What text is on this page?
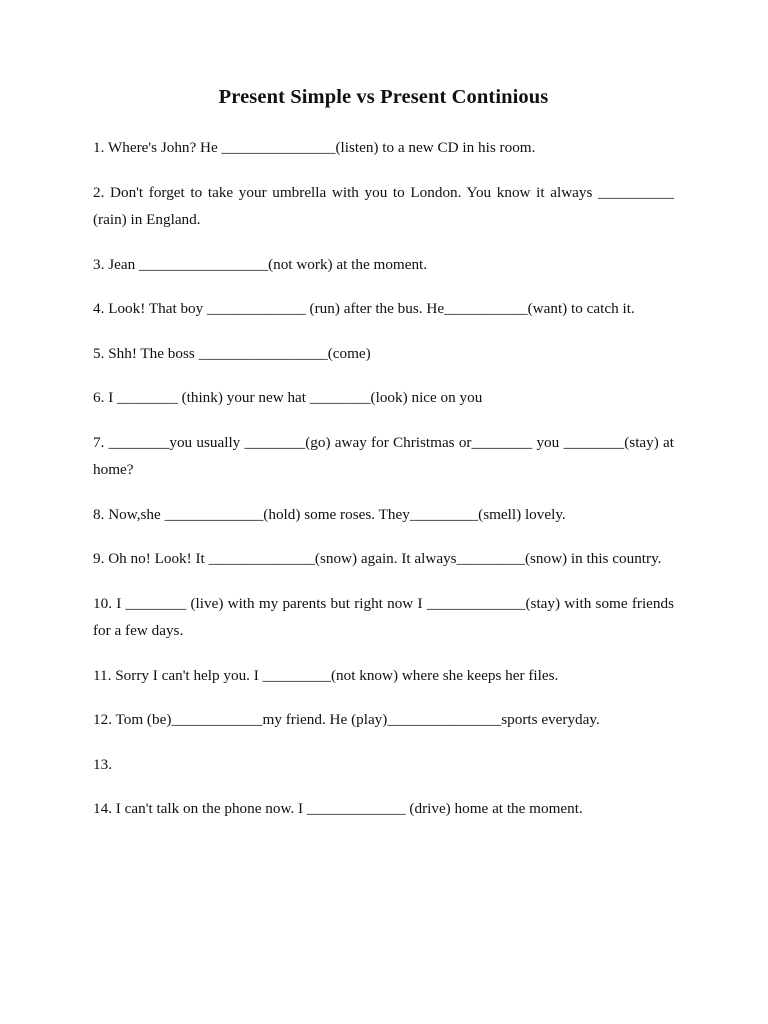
Present Simple vs Present Continious
1. Where's John? He _______________(listen) to a new CD in his room.
2. Don't forget to take your umbrella with you to London. You know it always __________ (rain) in England.
3. Jean _________________(not work) at the moment.
4. Look! That boy _____________ (run) after the bus. He___________(want) to catch it.
5. Shh! The boss _________________(come)
6. I ________ (think) your new hat ________(look) nice on you
7. ________you usually ________(go) away for Christmas or________ you ________(stay) at home?
8. Now,she _____________(hold) some roses. They_________(smell) lovely.
9. Oh no! Look! It ______________(snow) again. It always_________(snow) in this country.
10. I ________ (live) with my parents but right now I _____________(stay) with some friends for a few days.
11. Sorry I can't help you. I _________(not know) where she keeps her files.
12. Tom (be)____________my friend. He (play)_______________sports everyday.
13.
14. I can't talk on the phone now. I _____________ (drive) home at the moment.
